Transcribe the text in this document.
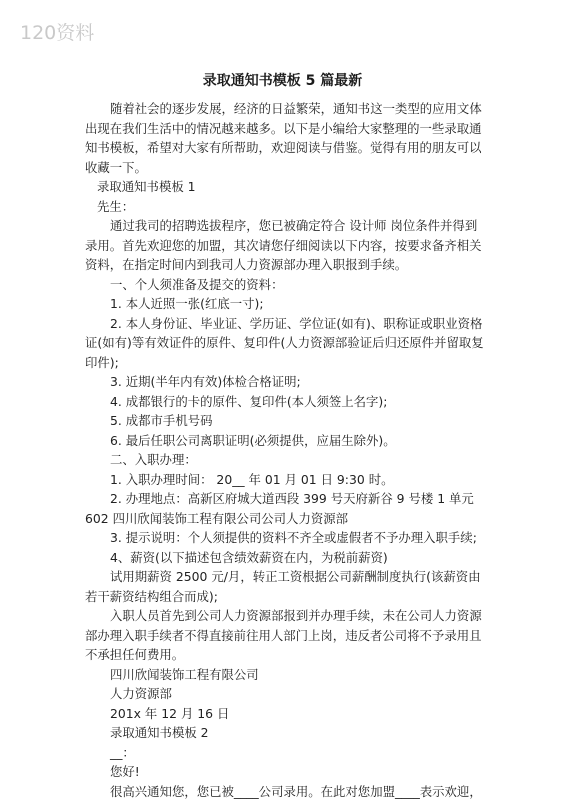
120资料
录取通知书模板 5 篇最新

随着社会的逐步发展，经济的日益繁荣，通知书这一类型的应用文体出现在我们生活中的情况越来越多。以下是小编给大家整理的一些录取通知书模板，希望对大家有所帮助，欢迎阅读与借鉴。觉得有用的朋友可以收藏一下。

录取通知书模板 1

先生：

通过我司的招聘选拔程序，您已被确定符合 设计师 岗位条件并得到录用。首先欢迎您的加盟，其次请您仔细阅读以下内容，按要求备齐相关资料，在指定时间内到我司人力资源部办理入职报到手续。

一、个人须准备及提交的资料：

1. 本人近照一张(红底一寸);

2. 本人身份证、毕业证、学历证、学位证(如有)、职称证或职业资格证(如有)等有效证件的原件、复印件(人力资源部验证后归还原件并留取复印件);

3. 近期(半年内有效)体检合格证明;

4. 成都银行的卡的原件、复印件(本人须签上名字);

5. 成都市手机号码

6. 最后任职公司离职证明(必须提供，应届生除外)。

二、入职办理：

1. 入职办理时间： 20__ 年 01 月 01 日 9:30 时。

2. 办理地点：高新区府城大道西段 399 号天府新谷 9 号楼 1 单元 602 四川欣闻装饰工程有限公司公司人力资源部

3. 提示说明：个人须提供的资料不齐全或虚假者不予办理入职手续;

4、薪资(以下描述包含绩效薪资在内，为税前薪资)

试用期薪资 2500 元/月，转正工资根据公司薪酬制度执行(该薪资由若干薪资结构组合而成);

入职人员首先到公司人力资源部报到并办理手续，未在公司人力资源部办理入职手续者不得直接前往用人部门上岗，违反者公司将不予录用且不承担任何费用。

四川欣闻装饰工程有限公司

人力资源部

201x 年 12 月 16 日

录取通知书模板 2

__：

您好!

很高兴通知您，您已被____公司录用。在此对您加盟____表示欢迎，
